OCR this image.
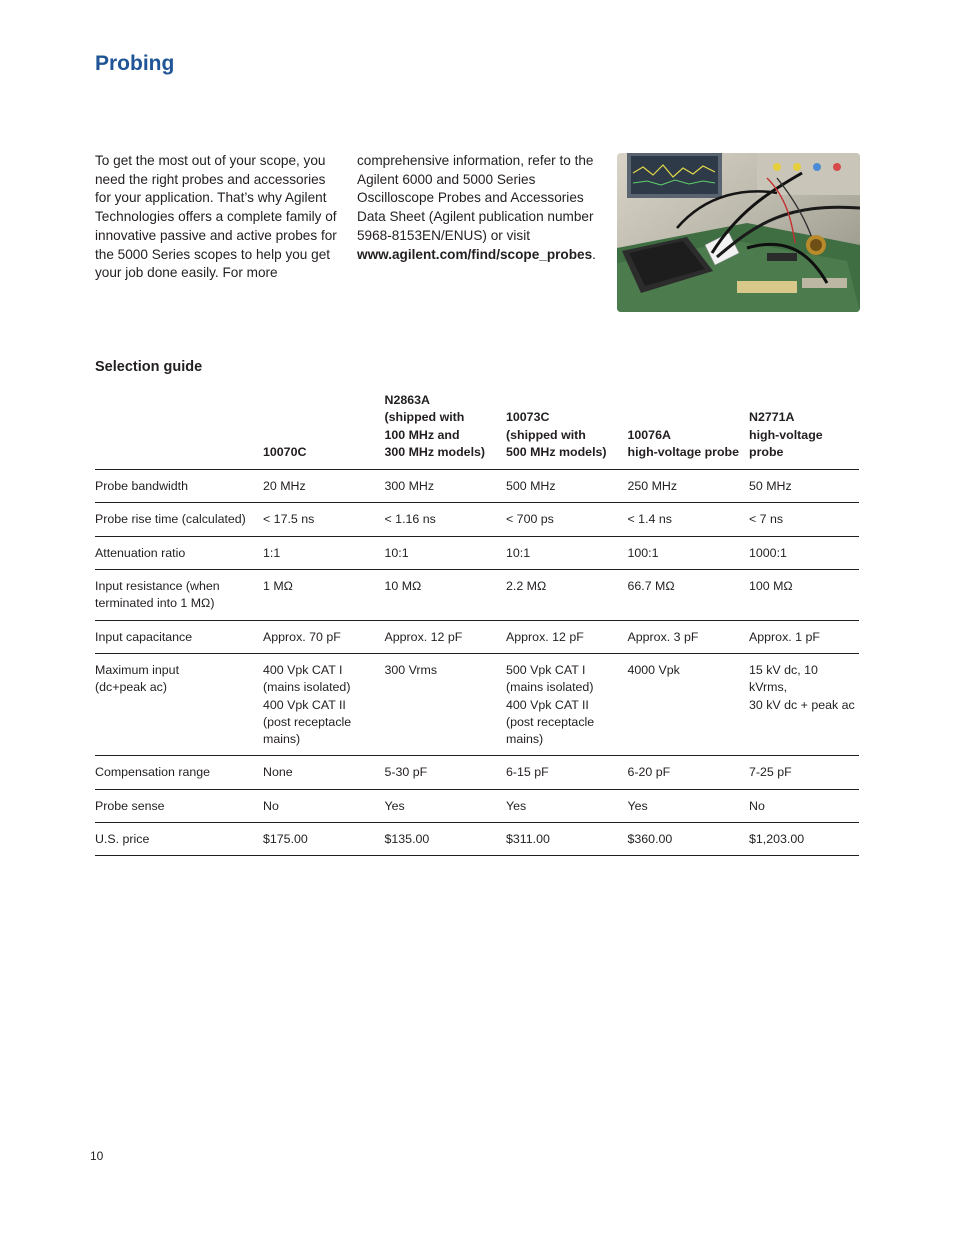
Probing

To get the most out of your scope, you need the right probes and accessories for your application. That’s why Agilent Technologies offers a complete family of innovative passive and active probes for the 5000 Series scopes to help you get your job done easily. For more

comprehensive information, refer to the Agilent 6000 and 5000 Series Oscilloscope Probes and Accessories Data Sheet (Agilent publication number 5968-8153EN/ENUS) or visit www.agilent.com/find/scope_probes.

Selection guide
	10070C	N2863A
(shipped with
100 MHz and
300 MHz models)	10073C
(shipped with
500 MHz models)	10076A
high-voltage probe	N2771A
high-voltage probe
Probe bandwidth	20 MHz	300 MHz	500 MHz	250 MHz	50 MHz
Probe rise time (calculated)	< 17.5 ns	< 1.16 ns	< 700 ps	< 1.4 ns	< 7 ns
Attenuation ratio	1:1	10:1	10:1	100:1	1000:1
Input resistance (when
terminated into 1 MΩ)	1 MΩ	10 MΩ	2.2 MΩ	66.7 MΩ	100 MΩ
Input capacitance	Approx. 70 pF	Approx. 12 pF	Approx. 12 pF	Approx. 3 pF	Approx. 1 pF
Maximum input
(dc+peak ac)	400 Vpk CAT I
(mains isolated)
400 Vpk CAT II
(post receptacle
mains)	300 Vrms	500 Vpk CAT I
(mains isolated)
400 Vpk CAT II
(post receptacle
mains)	4000 Vpk	15 kV dc, 10 kVrms,
30 kV dc + peak ac
Compensation range	None	5-30 pF	6-15 pF	6-20 pF	7-25 pF
Probe sense	No	Yes	Yes	Yes	No
U.S. price	$175.00	$135.00	$311.00	$360.00	$1,203.00
10
